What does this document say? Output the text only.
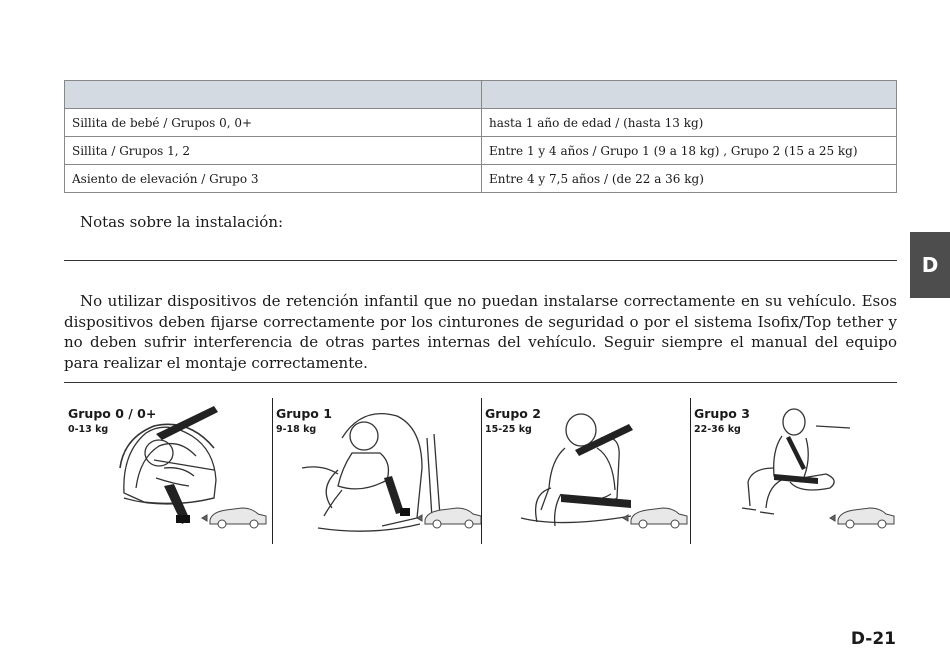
Sillita de bebé / Grupos 0, 0+	hasta 1 año de edad / (hasta 13 kg)
Sillita / Grupos 1, 2	Entre 1 y 4 años / Grupo 1 (9 a 18 kg) , Grupo 2 (15 a 25 kg)
Asiento de elevación / Grupo 3	Entre 4 y 7,5 años / (de 22 a 36 kg)
Notas sobre la instalación:
No utilizar dispositivos de retención infantil que no puedan instalarse correctamente en su vehículo. Esos dispositivos deben fijarse correctamente por los cinturones de seguridad o por el sistema Isofix/Top tether y no deben sufrir interferencia de otras partes internas del vehículo. Seguir siempre el manual del equipo para realizar el montaje correctamente.
D
Grupo 0 / 0+
0-13 kg
Grupo 1
9-18 kg
Grupo 2
15-25 kg
Grupo 3
22-36 kg
D-21
